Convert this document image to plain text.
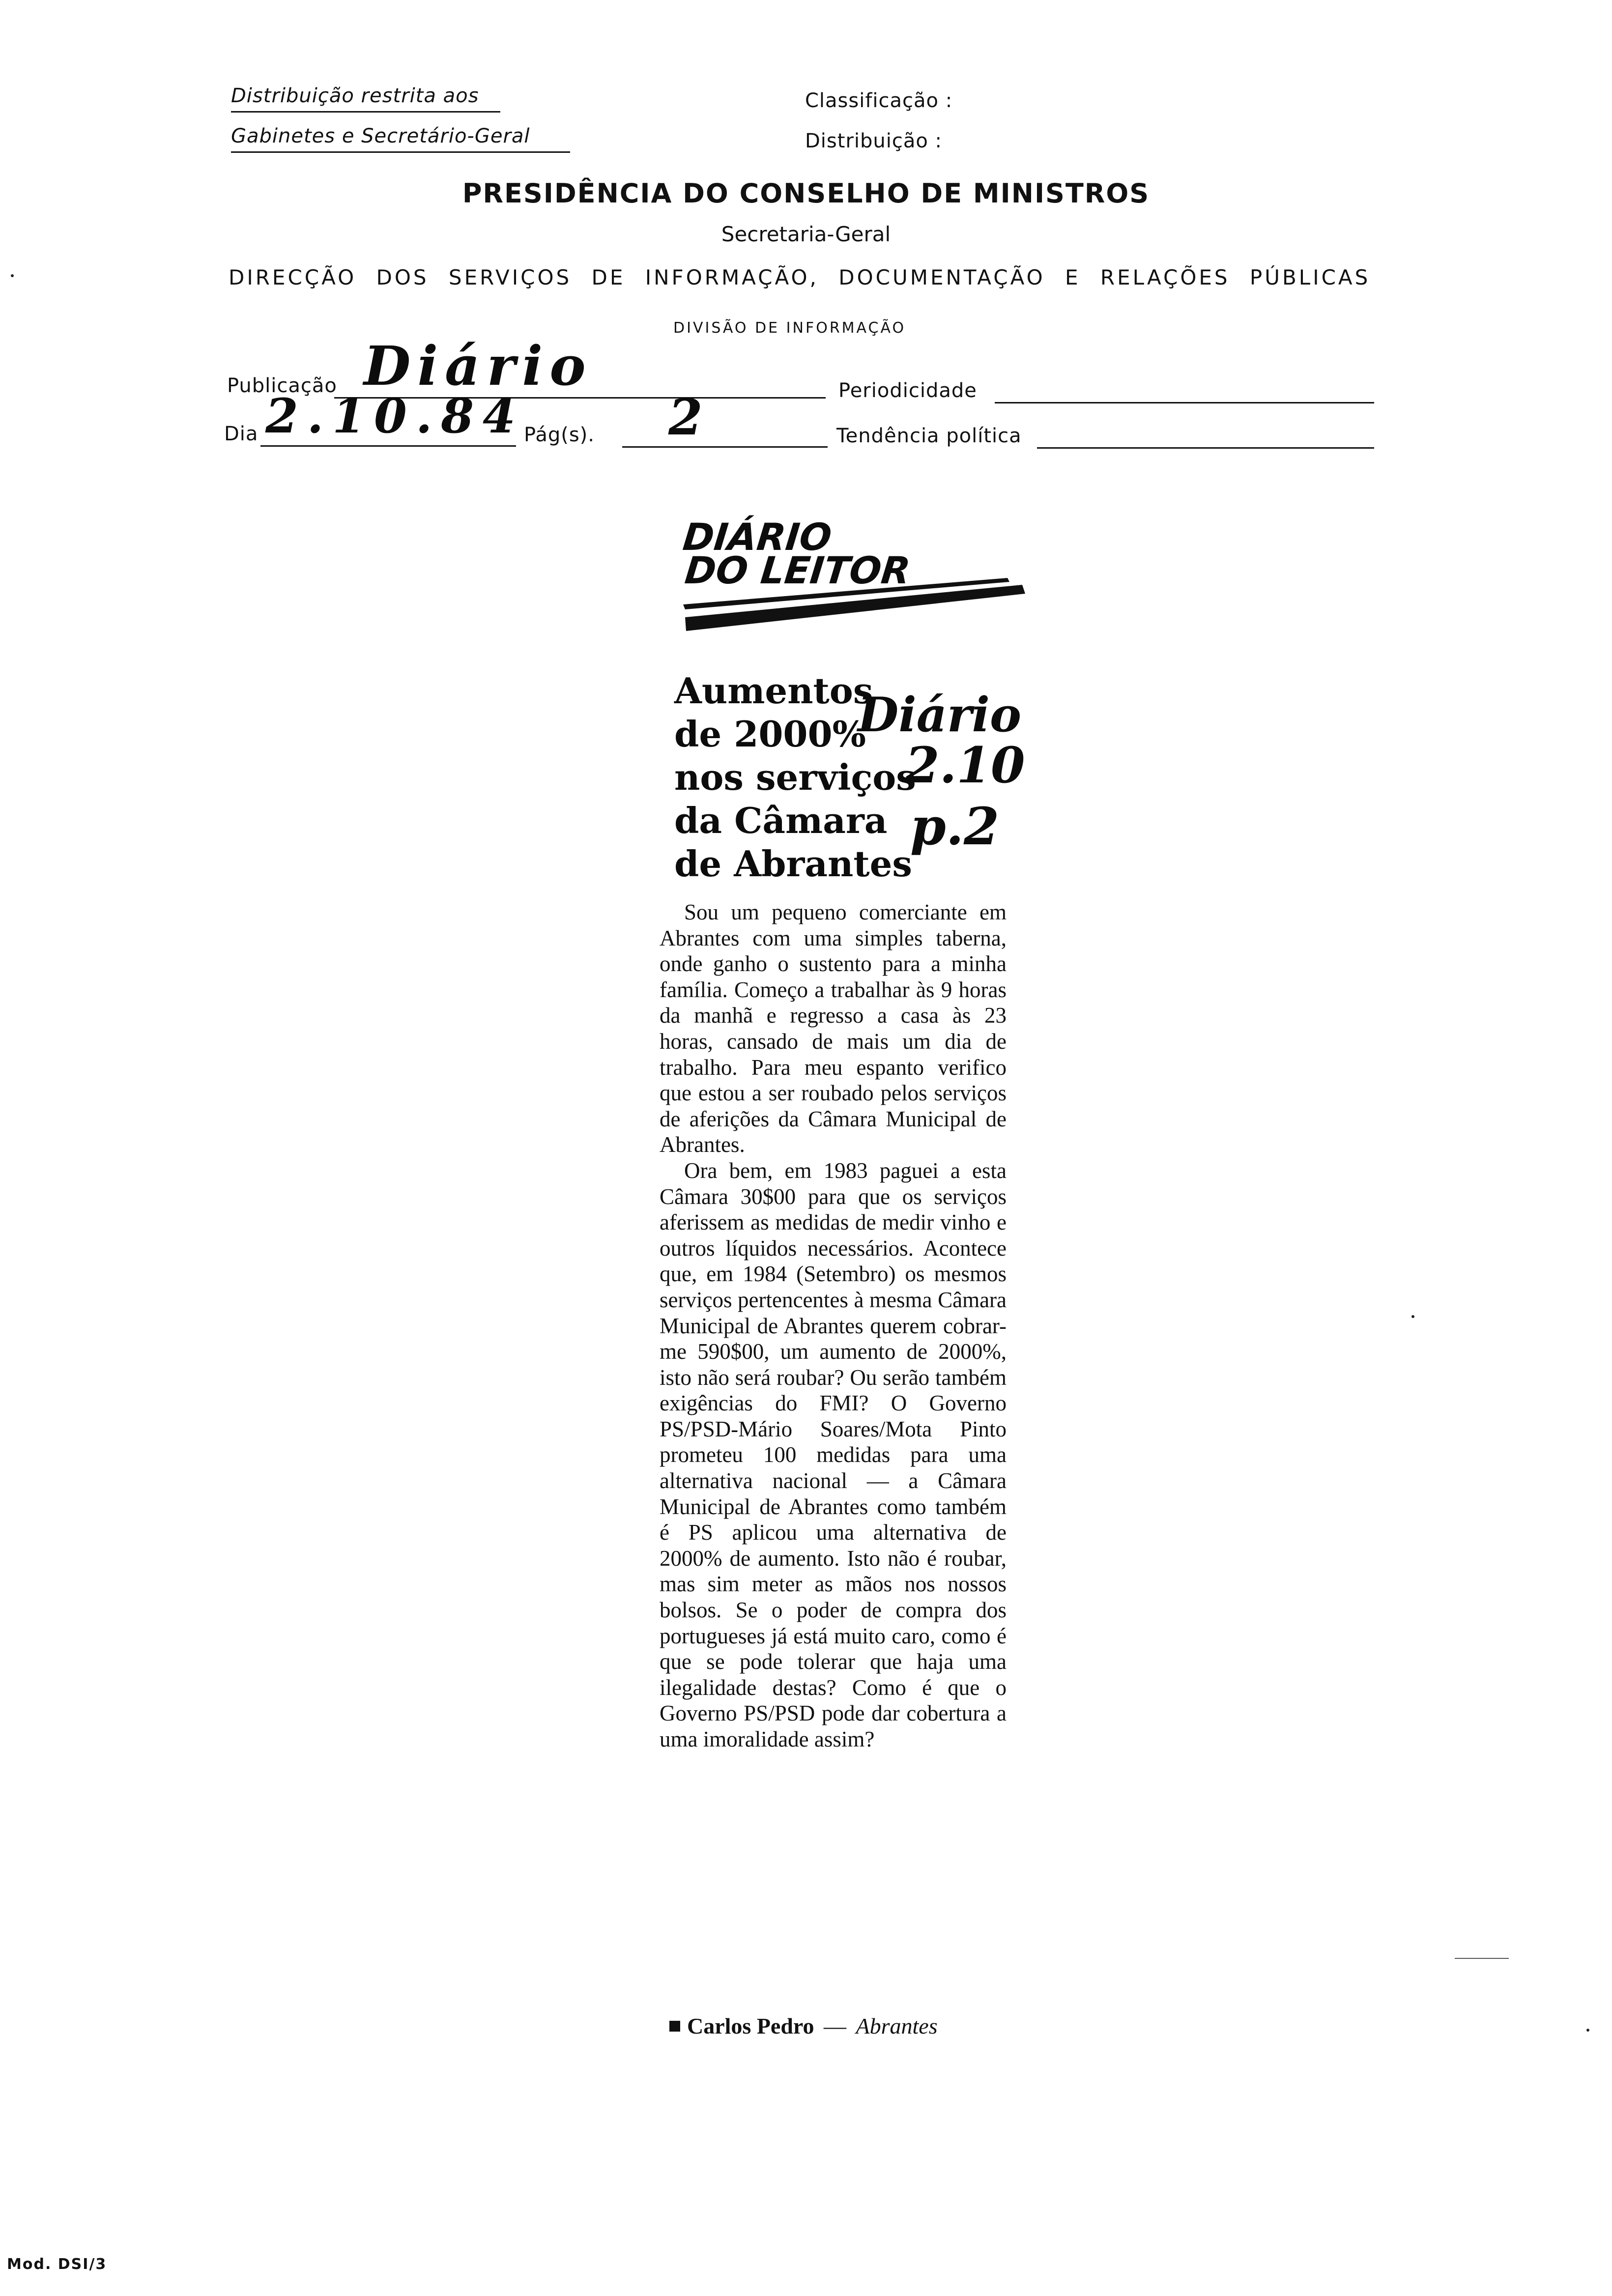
Distribuição restrita aos
Gabinetes e Secretário-Geral
Classificação :
Distribuição :
PRESIDÊNCIA DO CONSELHO DE MINISTROS
Secretaria-Geral
DIRECÇÃO DOS SERVIÇOS DE INFORMAÇÃO, DOCUMENTAÇÃO E RELAÇÕES PÚBLICAS
DIVISÃO DE INFORMAÇÃO
Publicação Diário	Periodicidade
Dia 2.10.84 Pág(s). 2	Tendência política
DIÁRIO
DO LEITOR
Aumentos
de 2000%
nos serviços
da Câmara
de Abrantes
Diário
2.10
p.2

Sou um pequeno comerciante em Abrantes com uma simples taberna, onde ganho o sustento para a minha família. Começo a trabalhar às 9 horas da manhã e regresso a casa às 23 horas, cansado de mais um dia de trabalho. Para meu espanto verifico que estou a ser roubado pelos serviços de aferições da Câmara Municipal de Abrantes.

Ora bem, em 1983 paguei a esta Câmara 30$00 para que os serviços aferissem as medidas de medir vinho e outros líquidos necessários. Acontece que, em 1984 (Setembro) os mesmos serviços pertencentes à mesma Câmara Municipal de Abrantes querem cobrar-me 590$00, um aumento de 2000%, isto não será roubar? Ou serão também exigências do FMI? O Governo PS/PSD-Mário Soares/Mota Pinto prometeu 100 medidas para uma alternativa nacional — a Câmara Municipal de Abrantes como também é PS aplicou uma alternativa de 2000% de aumento. Isto não é roubar, mas sim meter as mãos nos nossos bolsos. Se o poder de compra dos portugueses já está muito caro, como é que se pode tolerar que haja uma ilegalidade destas? Como é que o Governo PS/PSD pode dar cobertura a uma imoralidade assim?

Carlos Pedro — Abrantes
Mod. DSI/3
